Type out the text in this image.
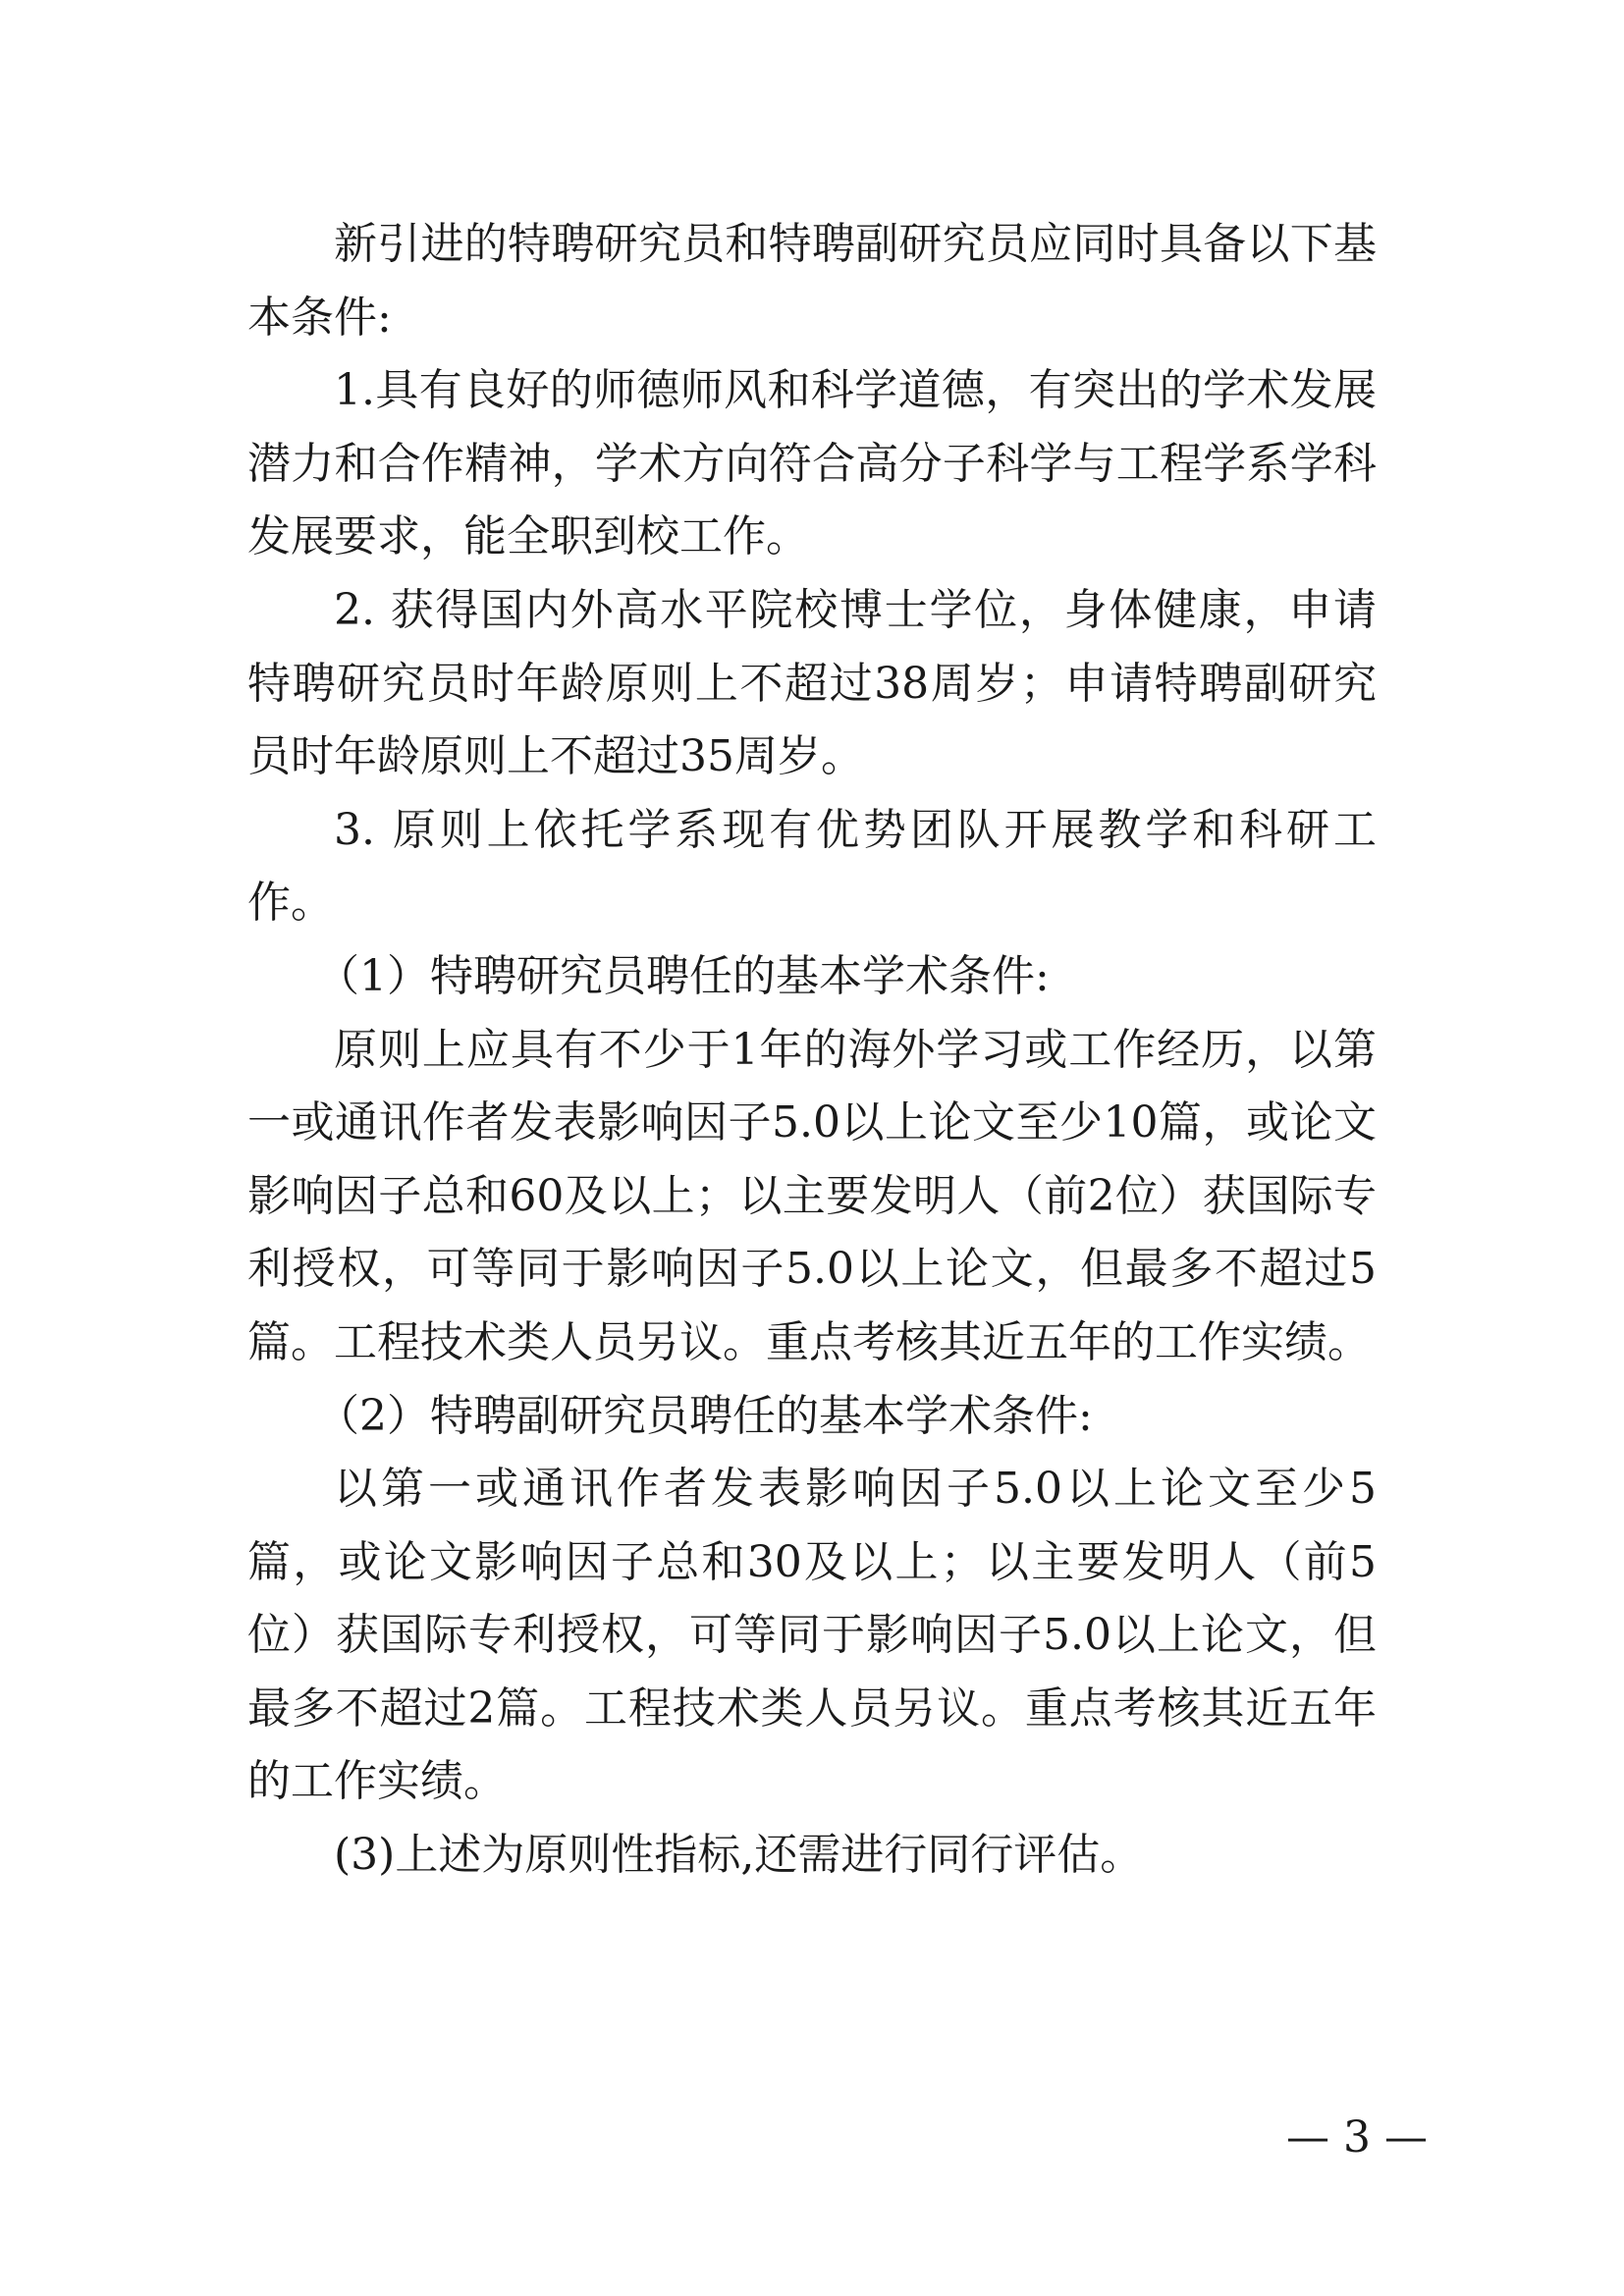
新引进的特聘研究员和特聘副研究员应同时具备以下基本条件:

1.具有良好的师德师风和科学道德，有突出的学术发展潜力和合作精神，学术方向符合高分子科学与工程学系学科发展要求，能全职到校工作。

2. 获得国内外高水平院校博士学位，身体健康，申请特聘研究员时年龄原则上不超过38周岁；申请特聘副研究员时年龄原则上不超过35周岁。

3. 原则上依托学系现有优势团队开展教学和科研工作。

（1）特聘研究员聘任的基本学术条件:

原则上应具有不少于1年的海外学习或工作经历，以第一或通讯作者发表影响因子5.0以上论文至少10篇，或论文影响因子总和60及以上；以主要发明人（前2位）获国际专利授权，可等同于影响因子5.0以上论文，但最多不超过5篇。工程技术类人员另议。重点考核其近五年的工作实绩。

（2）特聘副研究员聘任的基本学术条件:

以第一或通讯作者发表影响因子5.0以上论文至少5篇，或论文影响因子总和30及以上；以主要发明人（前5位）获国际专利授权，可等同于影响因子5.0以上论文，但最多不超过2篇。工程技术类人员另议。重点考核其近五年的工作实绩。

(3)上述为原则性指标,还需进行同行评估。

— 3 —
